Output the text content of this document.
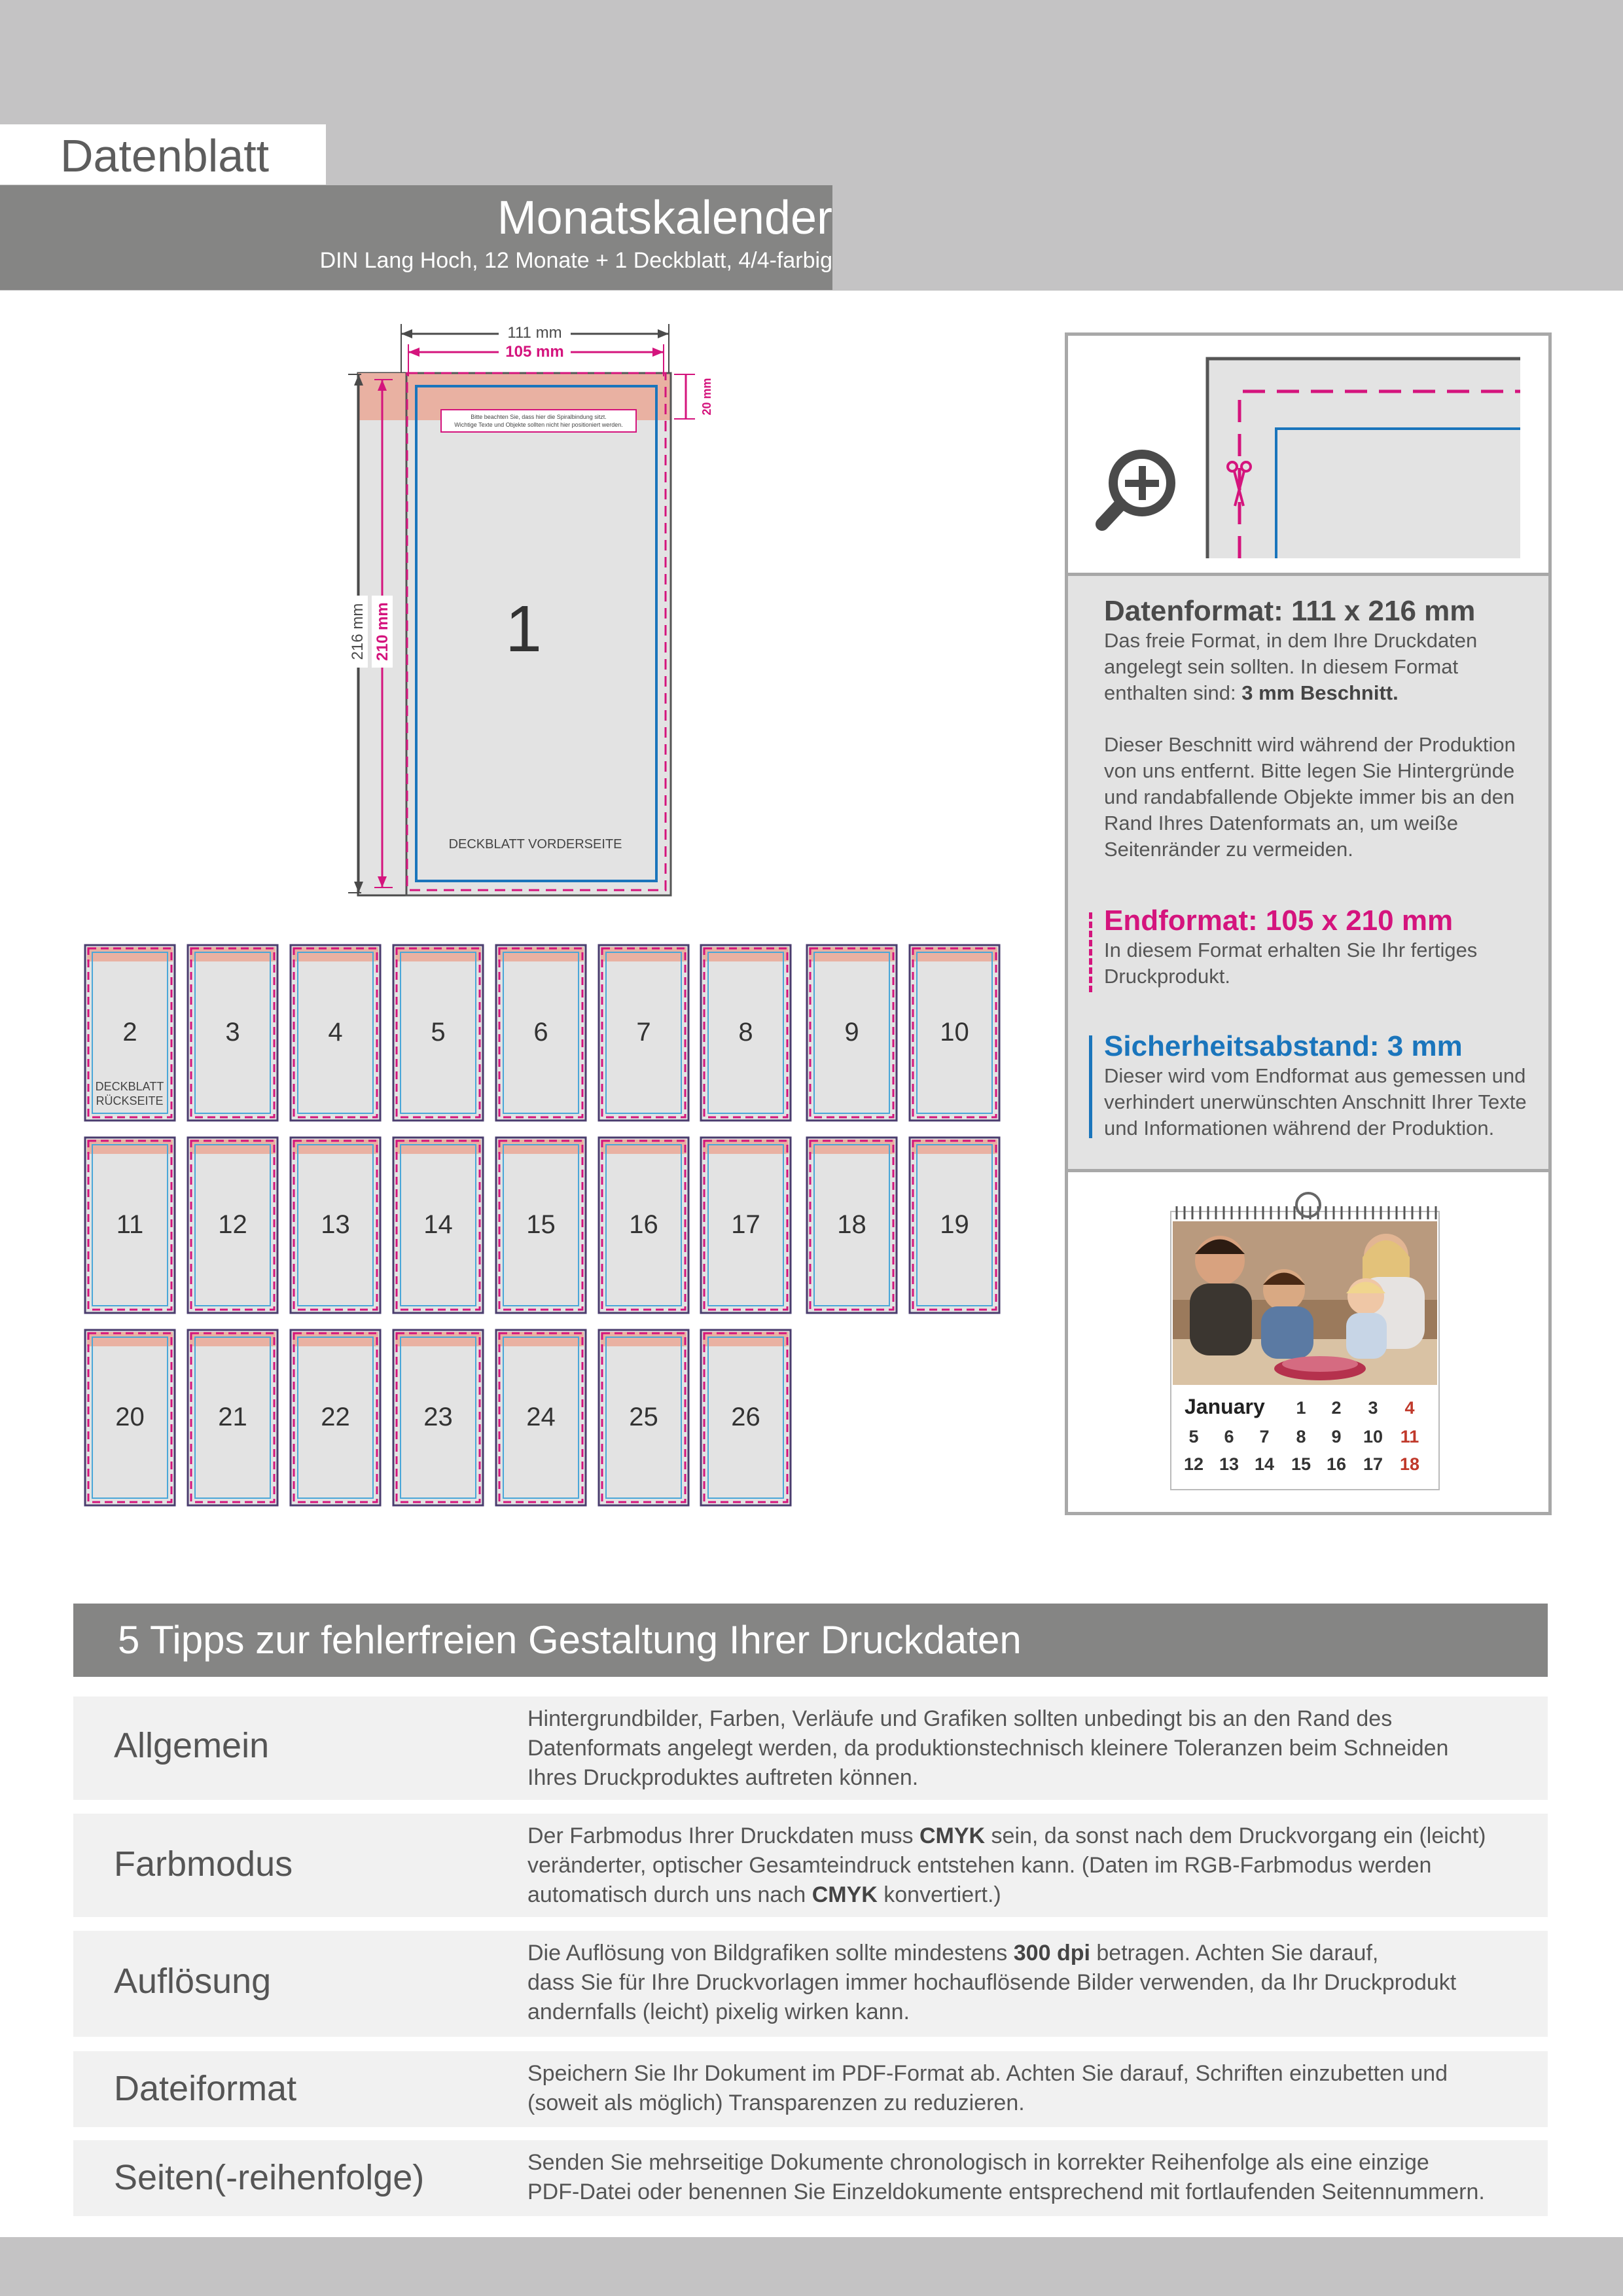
Datenblatt
Monatskalender
DIN Lang Hoch, 12 Monate + 1 Deckblatt, 4/4-farbig
Bitte beachten Sie, dass hier die Spiralbindung sitzt.
Wichtige Texte und Objekte sollten nicht hier positioniert werden.
1
DECKBLATT VORDERSEITE
111 mm
105 mm
20 mm
216 mm 210 mm
2	3	4	5	6	7	8	9	10
11	12	13	14	15	16	17	18	19
20	21	22	23	24	25	26
DECKBLATT
RÜCKSEITE
Datenformat: 111 x 216 mm
Das freie Format, in dem Ihre Druckdaten
angelegt sein sollten. In diesem Format
enthalten sind: 3 mm Beschnitt.
Dieser Beschnitt wird während der Produktion
von uns entfernt. Bitte legen Sie Hintergründe
und randabfallende Objekte immer bis an den
Rand Ihres Datenformats an, um weiße
Seitenränder zu vermeiden.
Endformat: 105 x 210 mm
In diesem Format erhalten Sie Ihr fertiges
Druckprodukt.
Sicherheitsabstand: 3 mm
Dieser wird vom Endformat aus gemessen und
verhindert unerwünschten Anschnitt Ihrer Texte
und Informationen während der Produktion.
January 1 2 3 4
5 6 7 8 9 10 11
12 13 14 15 16 17 18
5 Tipps zur fehlerfreien Gestaltung Ihrer Druckdaten
Allgemein
Hintergrundbilder, Farben, Verläufe und Grafiken sollten unbedingt bis an den Rand des
Datenformats angelegt werden, da produktionstechnisch kleinere Toleranzen beim Schneiden
Ihres Druckproduktes auftreten können.
Farbmodus
Der Farbmodus Ihrer Druckdaten muss CMYK sein, da sonst nach dem Druckvorgang ein (leicht)
veränderter, optischer Gesamteindruck entstehen kann. (Daten im RGB-Farbmodus werden
automatisch durch uns nach CMYK konvertiert.)
Auflösung
Die Auflösung von Bildgrafiken sollte mindestens 300 dpi betragen. Achten Sie darauf,
dass Sie für Ihre Druckvorlagen immer hochauflösende Bilder verwenden, da Ihr Druckprodukt
andernfalls (leicht) pixelig wirken kann.
Dateiformat	Speichern Sie Ihr Dokument im PDF-Format ab. Achten Sie darauf, Schriften einzubetten und
(soweit als möglich) Transparenzen zu reduzieren.
Seiten(-reihenfolge)	Senden Sie mehrseitige Dokumente chronologisch in korrekter Reihenfolge als eine einzige
PDF-Datei oder benennen Sie Einzeldokumente entsprechend mit fortlaufenden Seitennummern.
